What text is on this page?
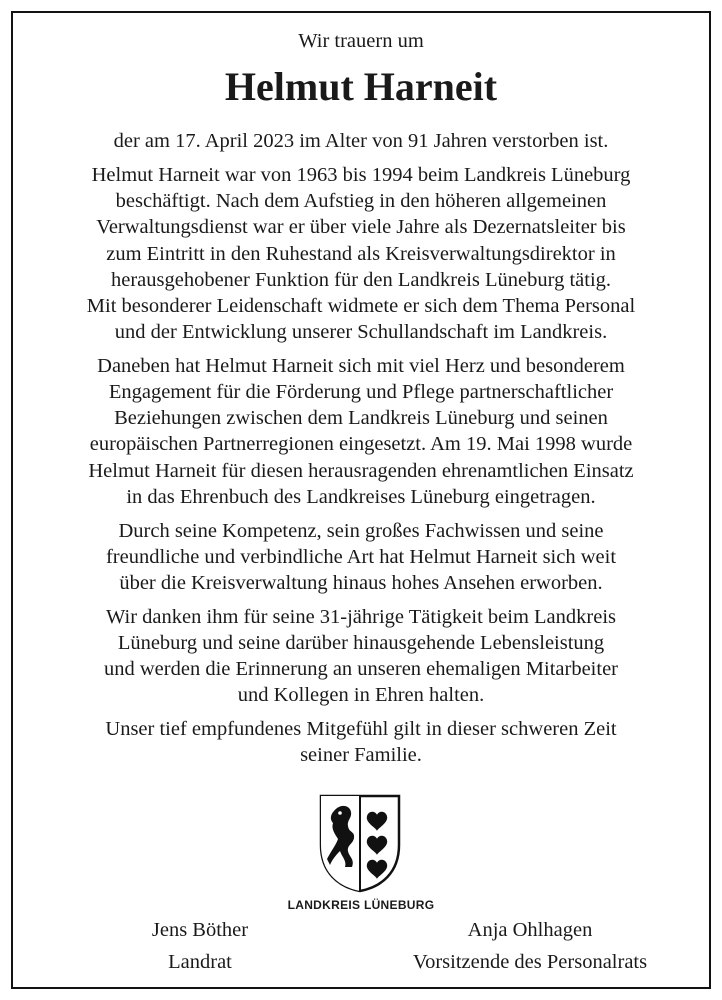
Wir trauern um
Helmut Harneit
der am 17. April 2023 im Alter von 91 Jahren verstorben ist.
Helmut Harneit war von 1963 bis 1994 beim Landkreis Lüneburg
beschäftigt. Nach dem Aufstieg in den höheren allgemeinen
Verwaltungsdienst war er über viele Jahre als Dezernatsleiter bis
zum Eintritt in den Ruhestand als Kreisverwaltungsdirektor in
herausgehobener Funktion für den Landkreis Lüneburg tätig.
Mit besonderer Leidenschaft widmete er sich dem Thema Personal
und der Entwicklung unserer Schullandschaft im Landkreis.
Daneben hat Helmut Harneit sich mit viel Herz und besonderem
Engagement für die Förderung und Pflege partnerschaftlicher
Beziehungen zwischen dem Landkreis Lüneburg und seinen
europäischen Partnerregionen eingesetzt. Am 19. Mai 1998 wurde
Helmut Harneit für diesen herausragenden ehrenamtlichen Einsatz
in das Ehrenbuch des Landkreises Lüneburg eingetragen.
Durch seine Kompetenz, sein großes Fachwissen und seine
freundliche und verbindliche Art hat Helmut Harneit sich weit
über die Kreisverwaltung hinaus hohes Ansehen erworben.
Wir danken ihm für seine 31-jährige Tätigkeit beim Landkreis
Lüneburg und seine darüber hinausgehende Lebensleistung
und werden die Erinnerung an unseren ehemaligen Mitarbeiter
und Kollegen in Ehren halten.
Unser tief empfundenes Mitgefühl gilt in dieser schweren Zeit
seiner Familie.
LANDKREIS LÜNEBURG
Jens Böther
Landrat
Anja Ohlhagen
Vorsitzende des Personalrats
